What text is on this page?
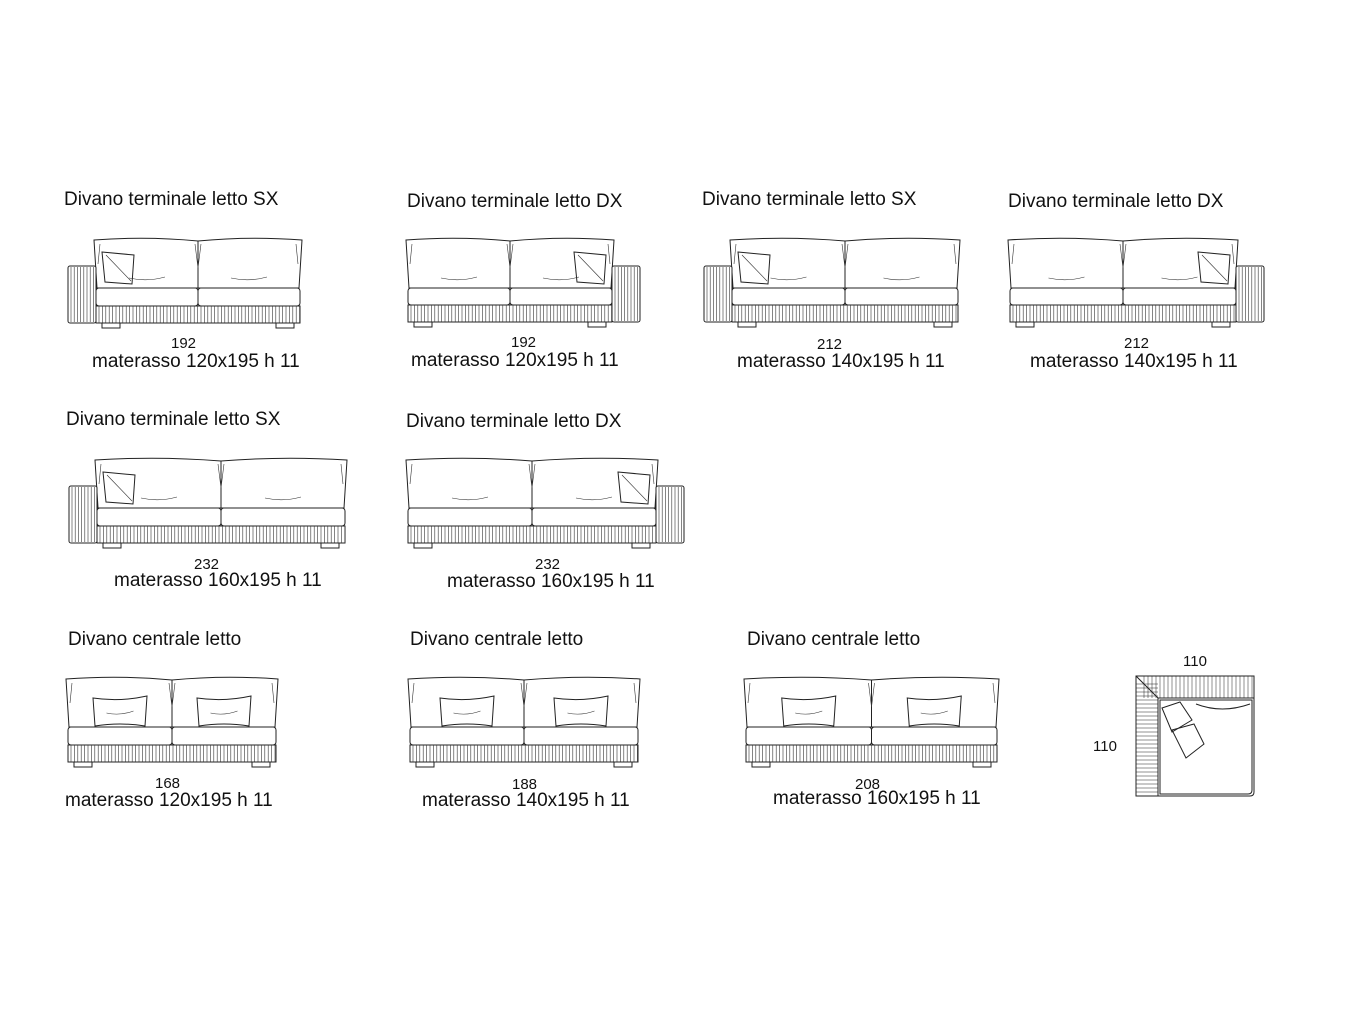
Divano terminale letto SX
192
materasso 120x195 h 11
Divano terminale letto DX
192
materasso 120x195 h 11
Divano terminale letto SX
212
materasso 140x195 h 11
Divano terminale letto DX
212
materasso 140x195 h 11
Divano terminale letto SX
232
materasso 160x195 h 11
Divano terminale letto DX
232
materasso 160x195 h 11
Divano centrale letto
168
materasso 120x195 h 11
Divano centrale letto
188
materasso 140x195 h 11
Divano centrale letto
208
materasso 160x195 h 11
110
110
